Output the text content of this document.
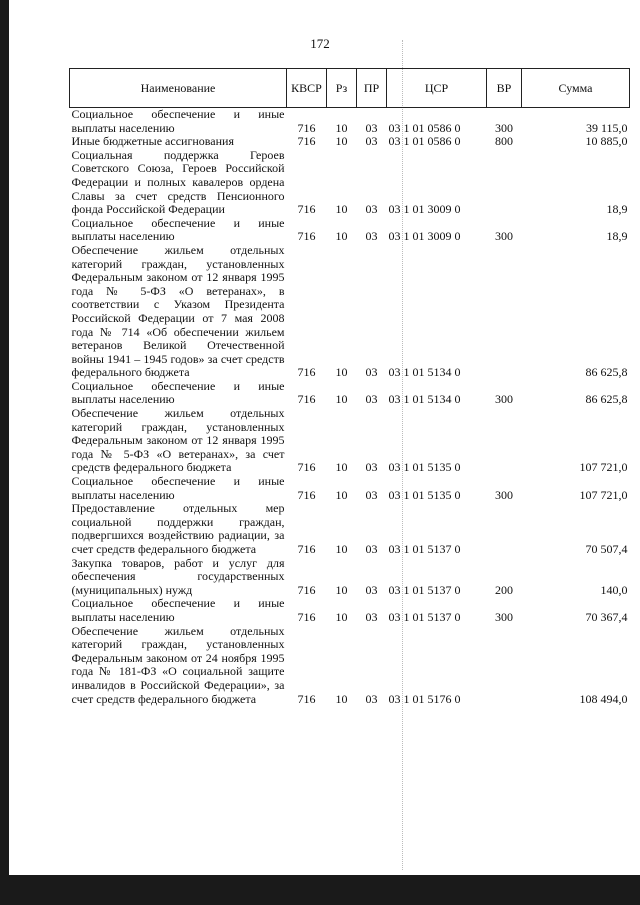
172
Наименование	КВСР	Рз	ПР	ЦСР	ВР	Сумма
Социальное обеспечение и иные выплаты населению	716	10	03	03 1 01 0586 0	300	39 115,0
Иные бюджетные ассигнования	716	10	03	03 1 01 0586 0	800	10 885,0
Социальная поддержка Героев Советского Союза, Героев Российской Федерации и полных кавалеров ордена Славы за счет средств Пенсионного фонда Российской Федерации	716	10	03	03 1 01 3009 0		18,9
Социальное обеспечение и иные выплаты населению	716	10	03	03 1 01 3009 0	300	18,9
Обеспечение жильем отдельных категорий граждан, установленных Федеральным законом от 12 января 1995 года № 5-ФЗ «О ветеранах», в соответствии с Указом Президента Российской Федерации от 7 мая 2008 года № 714 «Об обеспечении жильем ветеранов Великой Отечественной войны 1941 – 1945 годов» за счет средств федерального бюджета	716	10	03	03 1 01 5134 0		86 625,8
Социальное обеспечение и иные выплаты населению	716	10	03	03 1 01 5134 0	300	86 625,8
Обеспечение жильем отдельных категорий граждан, установленных Федеральным законом от 12 января 1995 года № 5-ФЗ «О ветеранах», за счет средств федерального бюджета	716	10	03	03 1 01 5135 0		107 721,0
Социальное обеспечение и иные выплаты населению	716	10	03	03 1 01 5135 0	300	107 721,0
Предоставление отдельных мер социальной поддержки граждан, подвергшихся воздействию радиации, за счет средств федерального бюджета	716	10	03	03 1 01 5137 0		70 507,4
Закупка товаров, работ и услуг для обеспечения государственных (муниципальных) нужд	716	10	03	03 1 01 5137 0	200	140,0
Социальное обеспечение и иные выплаты населению	716	10	03	03 1 01 5137 0	300	70 367,4
Обеспечение жильем отдельных категорий граждан, установленных Федеральным законом от 24 ноября 1995 года № 181-ФЗ «О социальной защите инвалидов в Российской Федерации», за счет средств федерального бюджета	716	10	03	03 1 01 5176 0		108 494,0
